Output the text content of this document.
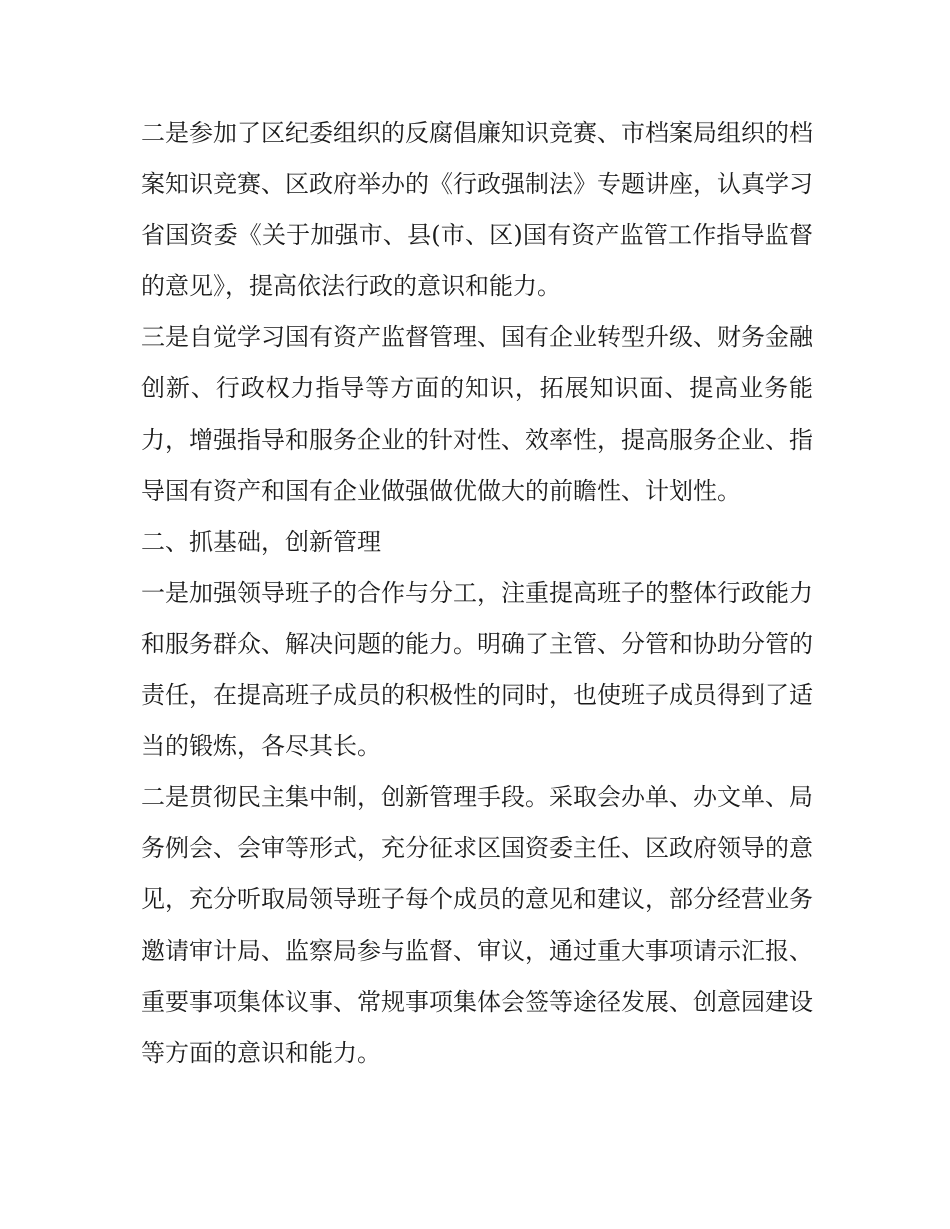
二是参加了区纪委组织的反腐倡廉知识竞赛、市档案局组织的档案知识竞赛、区政府举办的《行政强制法》专题讲座，认真学习省国资委《关于加强市、县(市、区)国有资产监管工作指导监督的意见》，提高依法行政的意识和能力。

三是自觉学习国有资产监督管理、国有企业转型升级、财务金融创新、行政权力指导等方面的知识，拓展知识面、提高业务能力，增强指导和服务企业的针对性、效率性，提高服务企业、指导国有资产和国有企业做强做优做大的前瞻性、计划性。

二、抓基础，创新管理

一是加强领导班子的合作与分工，注重提高班子的整体行政能力和服务群众、解决问题的能力。明确了主管、分管和协助分管的责任，在提高班子成员的积极性的同时，也使班子成员得到了适当的锻炼，各尽其长。

二是贯彻民主集中制，创新管理手段。采取会办单、办文单、局务例会、会审等形式，充分征求区国资委主任、区政府领导的意见，充分听取局领导班子每个成员的意见和建议，部分经营业务邀请审计局、监察局参与监督、审议，通过重大事项请示汇报、重要事项集体议事、常规事项集体会签等途径发展、创意园建设等方面的意识和能力。
